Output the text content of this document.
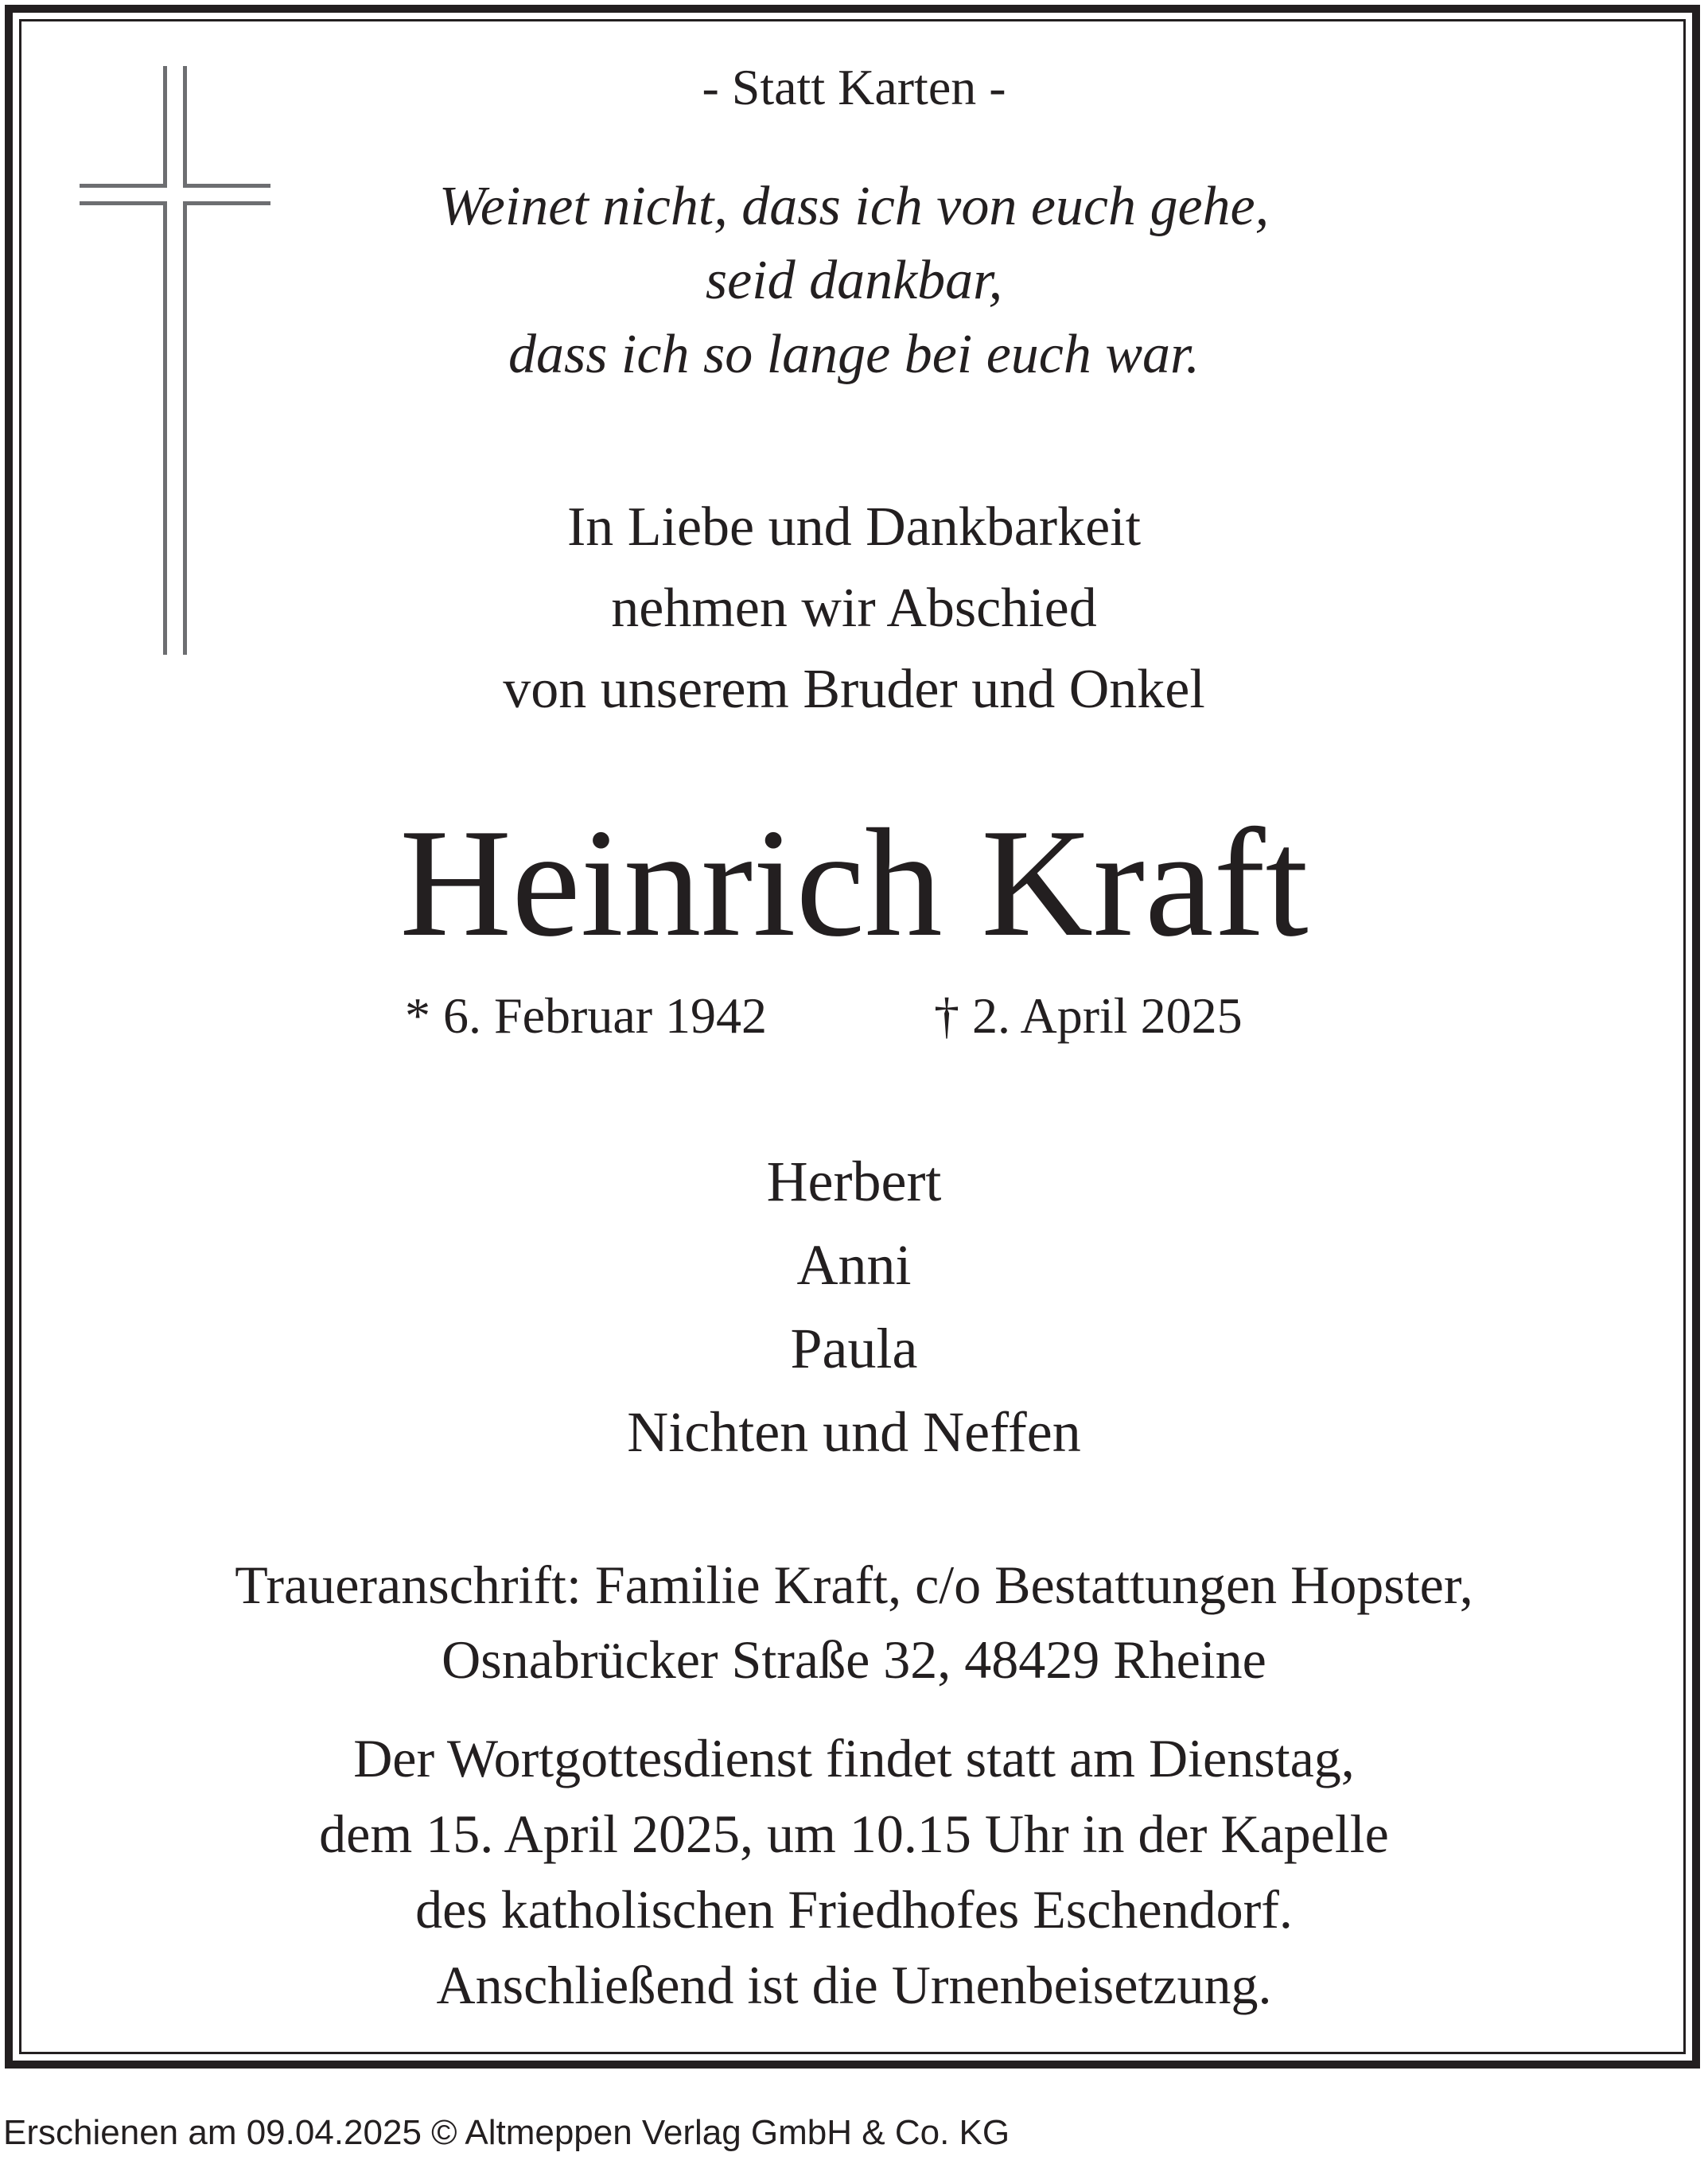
- Statt Karten -
Weinet nicht, dass ich von euch gehe,
seid dankbar,
dass ich so lange bei euch war.
In Liebe und Dankbarkeit
nehmen wir Abschied
von unserem Bruder und Onkel
Heinrich Kraft
* 6. Februar 1942	† 2. April 2025
Herbert
Anni
Paula
Nichten und Neffen
Traueranschrift: Familie Kraft, c/o Bestattungen Hopster,
Osnabrücker Straße 32, 48429 Rheine
Der Wortgottesdienst findet statt am Dienstag,
dem 15. April 2025, um 10.15 Uhr in der Kapelle
des katholischen Friedhofes Eschendorf.
Anschließend ist die Urnenbeisetzung.
Erschienen am 09.04.2025 © Altmeppen Verlag GmbH & Co. KG
